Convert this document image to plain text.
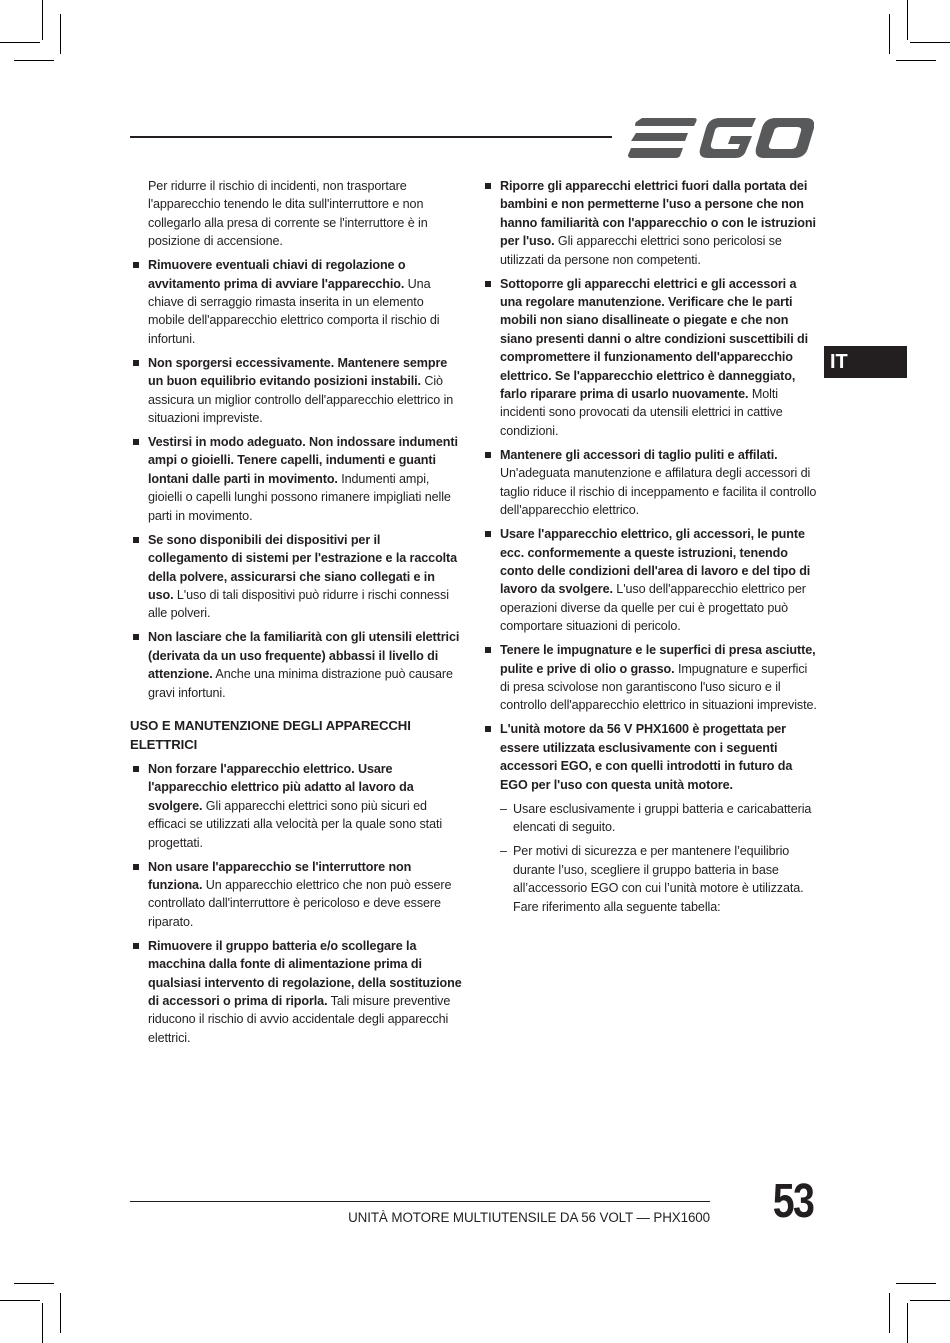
IT

Per ridurre il rischio di incidenti, non trasportare l'apparecchio tenendo le dita sull'interruttore e non collegarlo alla presa di corrente se l'interruttore è in posizione di accensione.

Rimuovere eventuali chiavi di regolazione o avvitamento prima di avviare l'apparecchio. Una chiave di serraggio rimasta inserita in un elemento mobile dell'apparecchio elettrico comporta il rischio di infortuni.
Non sporgersi eccessivamente. Mantenere sempre un buon equilibrio evitando posizioni instabili. Ciò assicura un miglior controllo dell'apparecchio elettrico in situazioni impreviste.
Vestirsi in modo adeguato. Non indossare indumenti ampi o gioielli. Tenere capelli, indumenti e guanti lontani dalle parti in movimento. Indumenti ampi, gioielli o capelli lunghi possono rimanere impigliati nelle parti in movimento.
Se sono disponibili dei dispositivi per il collegamento di sistemi per l'estrazione e la raccolta della polvere, assicurarsi che siano collegati e in uso. L'uso di tali dispositivi può ridurre i rischi connessi alle polveri.
Non lasciare che la familiarità con gli utensili elettrici (derivata da un uso frequente) abbassi il livello di attenzione. Anche una minima distrazione può causare gravi infortuni.
USO E MANUTENZIONE DEGLI APPARECCHI ELETTRICI
Non forzare l'apparecchio elettrico. Usare l'apparecchio elettrico più adatto al lavoro da svolgere. Gli apparecchi elettrici sono più sicuri ed efficaci se utilizzati alla velocità per la quale sono stati progettati.
Non usare l'apparecchio se l'interruttore non funziona. Un apparecchio elettrico che non può essere controllato dall'interruttore è pericoloso e deve essere riparato.
Rimuovere il gruppo batteria e/o scollegare la macchina dalla fonte di alimentazione prima di qualsiasi intervento di regolazione, della sostituzione di accessori o prima di riporla. Tali misure preventive riducono il rischio di avvio accidentale degli apparecchi elettrici.
Riporre gli apparecchi elettrici fuori dalla portata dei bambini e non permetterne l'uso a persone che non hanno familiarità con l'apparecchio o con le istruzioni per l'uso. Gli apparecchi elettrici sono pericolosi se utilizzati da persone non competenti.
Sottoporre gli apparecchi elettrici e gli accessori a una regolare manutenzione. Verificare che le parti mobili non siano disallineate o piegate e che non siano presenti danni o altre condizioni suscettibili di compromettere il funzionamento dell'apparecchio elettrico. Se l'apparecchio elettrico è danneggiato, farlo riparare prima di usarlo nuovamente. Molti incidenti sono provocati da utensili elettrici in cattive condizioni.
Mantenere gli accessori di taglio puliti e affilati. Un'adeguata manutenzione e affilatura degli accessori di taglio riduce il rischio di inceppamento e facilita il controllo dell'apparecchio elettrico.
Usare l'apparecchio elettrico, gli accessori, le punte ecc. conformemente a queste istruzioni, tenendo conto delle condizioni dell'area di lavoro e del tipo di lavoro da svolgere. L'uso dell'apparecchio elettrico per operazioni diverse da quelle per cui è progettato può comportare situazioni di pericolo.
Tenere le impugnature e le superfici di presa asciutte, pulite e prive di olio o grasso. Impugnature e superfici di presa scivolose non garantiscono l'uso sicuro e il controllo dell'apparecchio elettrico in situazioni impreviste.
L'unità motore da 56 V PHX1600 è progettata per essere utilizzata esclusivamente con i seguenti accessori EGO, e con quelli introdotti in futuro da EGO per l'uso con questa unità motore.
– Usare esclusivamente i gruppi batteria e caricabatteria elencati di seguito.
– Per motivi di sicurezza e per mantenere l’equilibrio durante l’uso, scegliere il gruppo batteria in base all’accessorio EGO con cui l’unità motore è utilizzata. Fare riferimento alla seguente tabella:
UNITÀ MOTORE MULTIUTENSILE DA 56 VOLT — PHX1600 53
